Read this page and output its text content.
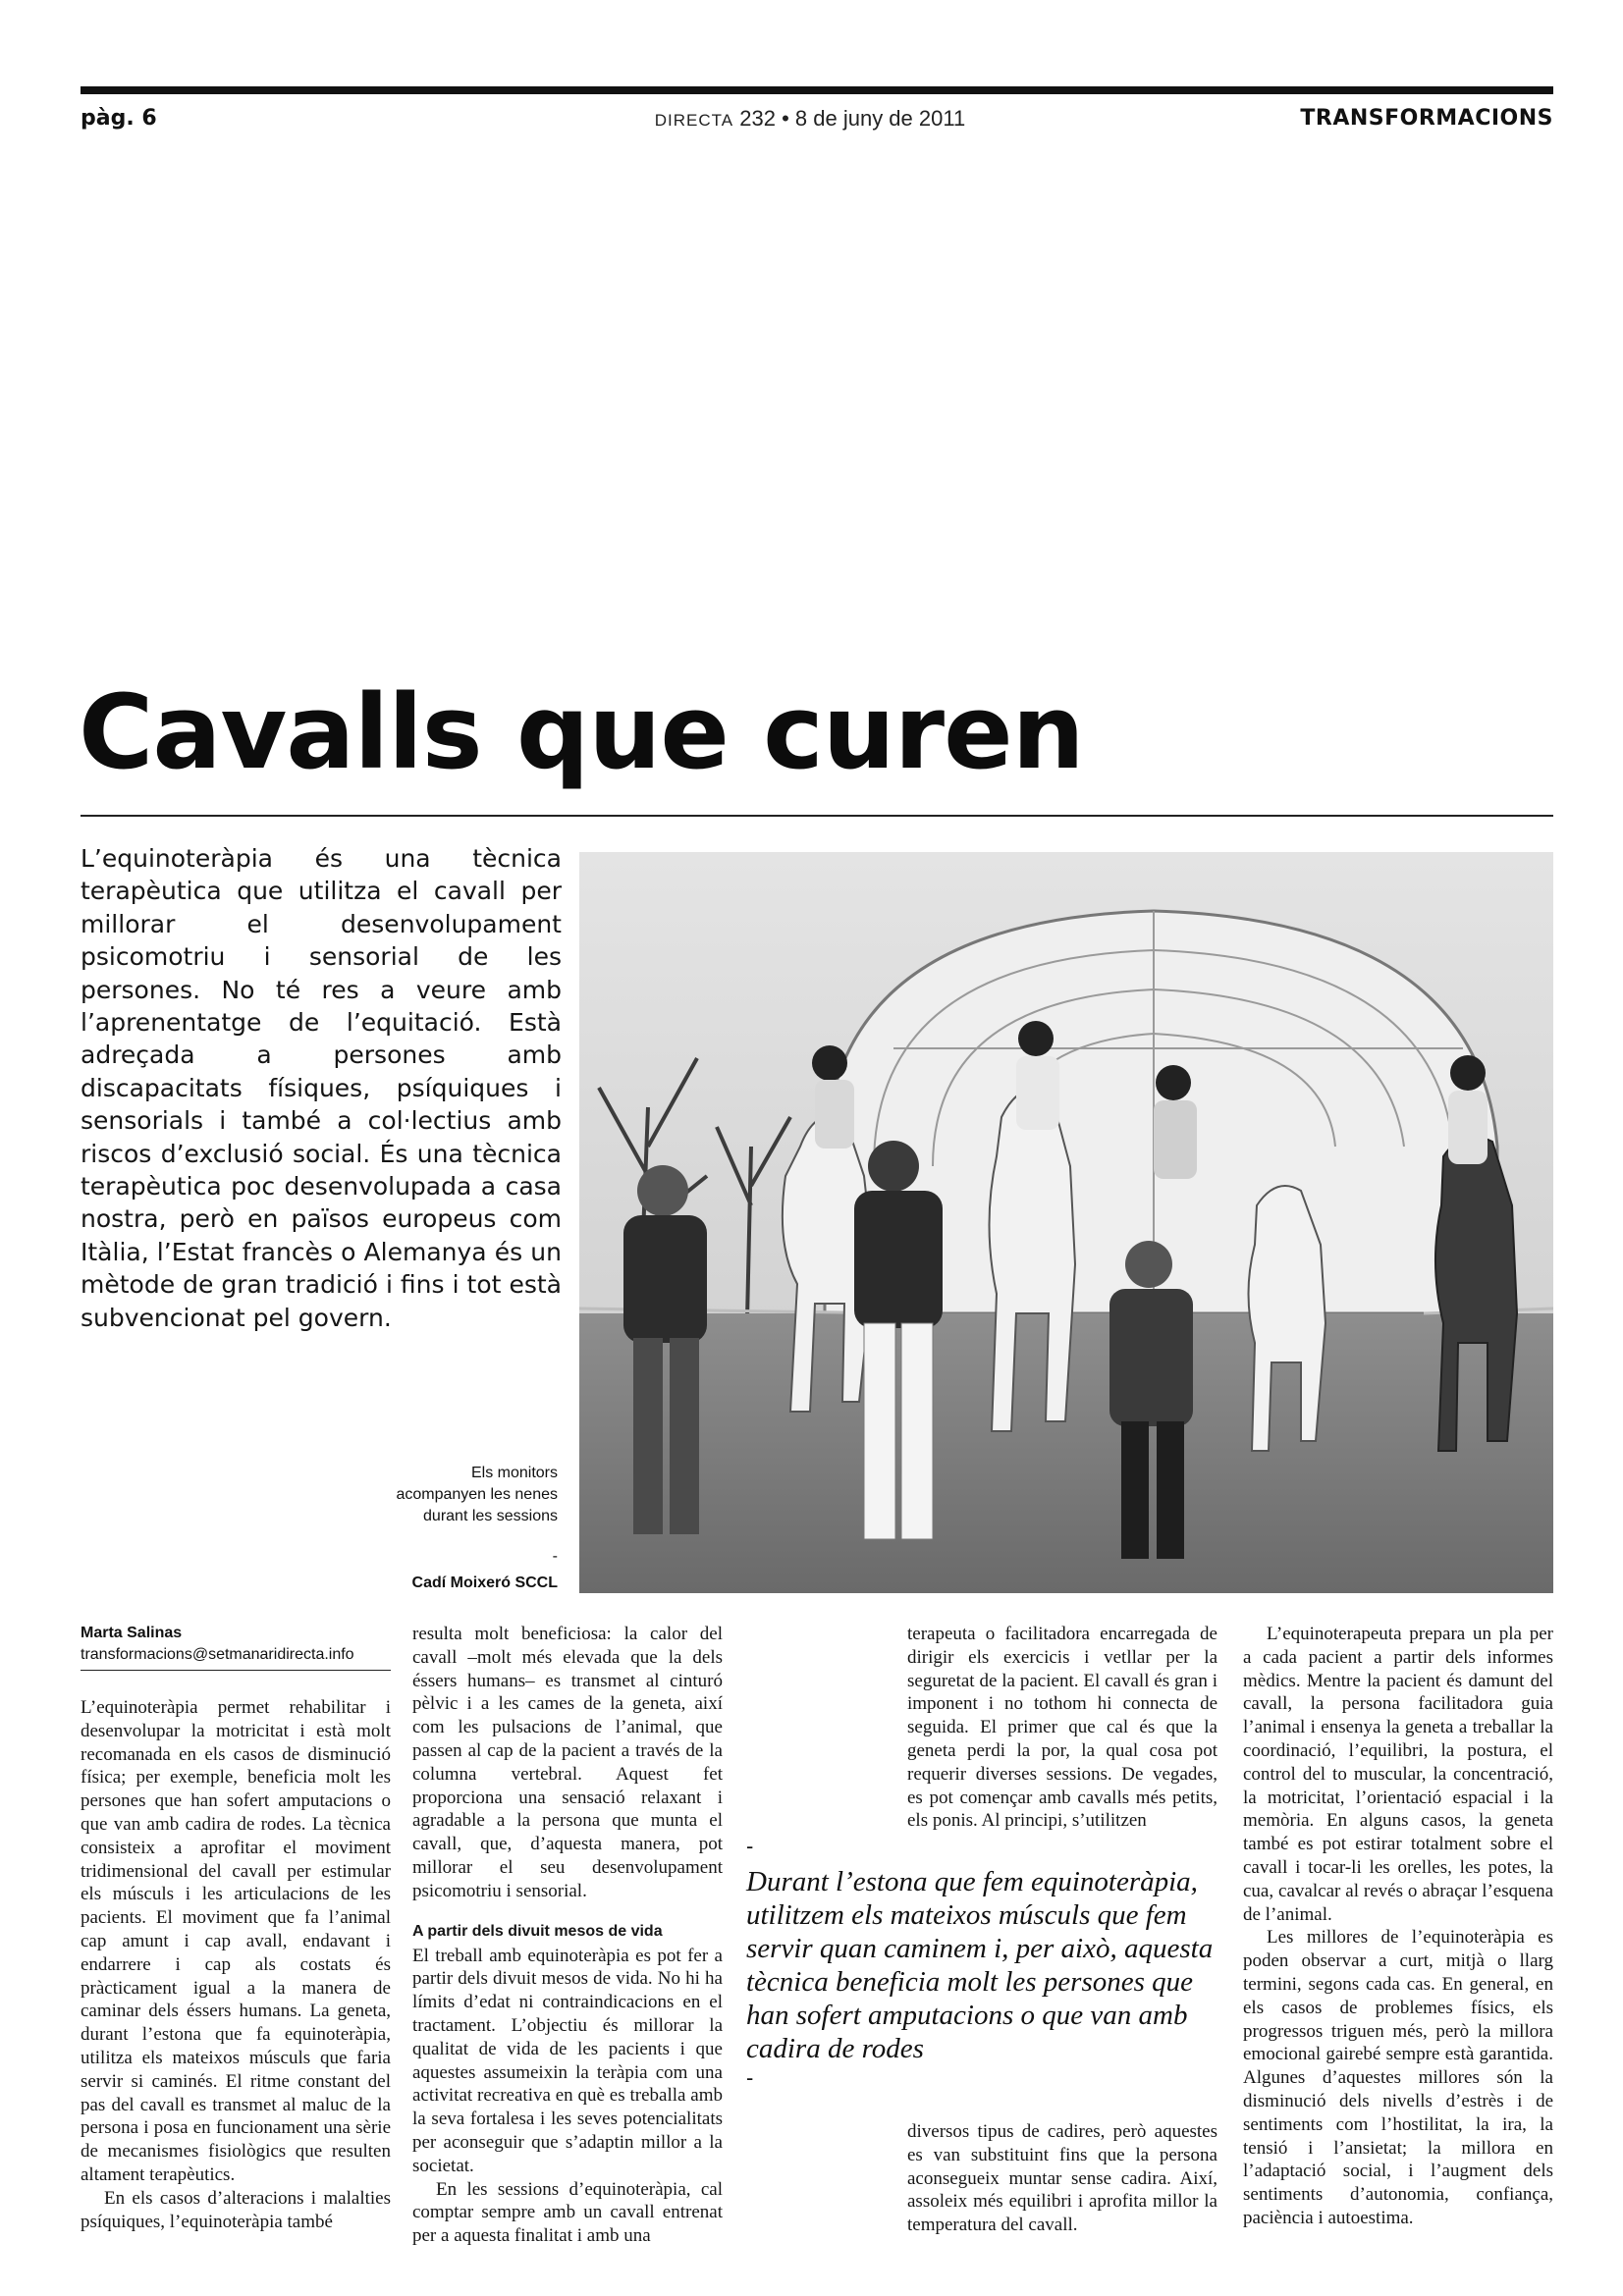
pàg. 6	DIRECTA 232 • 8 de juny de 2011	TRANSFORMACIONS
Cavalls que curen

L’equinoteràpia és una tècnica terapèutica que utilitza el cavall per millorar el desenvolupament psicomotriu i sensorial de les persones. No té res a veure amb l’aprenentatge de l’equitació. Està adreçada a persones amb discapacitats físiques, psíquiques i sensorials i també a col·lectius amb riscos d’exclusió social. És una tècnica terapèutica poc desenvolupada a casa nostra, però en països europeus com Itàlia, l’Estat francès o Alemanya és un mètode de gran tradició i fins i tot està subvencionat pel govern.

Els monitors acompanyen les nenes durant les sessions

-
Cadí Moixeró SCCL
Marta Salinas
transformacions@setmanaridirecta.info

L’equinoteràpia permet rehabilitar i desenvolupar la motricitat i està molt recomanada en els casos de disminució física; per exemple, beneficia molt les persones que han sofert amputacions o que van amb cadira de rodes. La tècnica consisteix a aprofitar el moviment tridimensional del cavall per estimular els músculs i les articulacions de les pacients. El moviment que fa l’animal cap amunt i cap avall, endavant i endarrere i cap als costats és pràcticament igual a la manera de caminar dels éssers humans. La geneta, durant l’estona que fa equinoteràpia, utilitza els mateixos músculs que faria servir si caminés. El ritme constant del pas del cavall es transmet al maluc de la persona i posa en funcionament una sèrie de mecanismes fisiològics que resulten altament terapèutics.

En els casos d’alteracions i malalties psíquiques, l’equinoteràpia també

resulta molt beneficiosa: la calor del cavall –molt més elevada que la dels éssers humans– es transmet al cinturó pèlvic i a les cames de la geneta, així com les pulsacions de l’animal, que passen al cap de la pacient a través de la columna vertebral. Aquest fet proporciona una sensació relaxant i agradable a la persona que munta el cavall, que, d’aquesta manera, pot millorar el seu desenvolupament psicomotriu i sensorial.

A partir dels divuit mesos de vida

El treball amb equinoteràpia es pot fer a partir dels divuit mesos de vida. No hi ha límits d’edat ni contraindicacions en el tractament. L’objectiu és millorar la qualitat de vida de les pacients i que aquestes assumeixin la teràpia com una activitat recreativa en què es treballa amb la seva fortalesa i les seves potencialitats per aconseguir que s’adaptin millor a la societat.

En les sessions d’equinoteràpia, cal comptar sempre amb un cavall entrenat per a aquesta finalitat i amb una

terapeuta o facilitadora encarregada de dirigir els exercicis i vetllar per la seguretat de la pacient. El cavall és gran i imponent i no tothom hi connecta de seguida. El primer que cal és que la geneta perdi la por, la qual cosa pot requerir diverses sessions. De vegades, es pot començar amb cavalls més petits, els ponis. Al principi, s’utilitzen

-

Durant l’estona que fem equinoteràpia, utilitzem els mateixos músculs que fem servir quan caminem i, per això, aquesta tècnica beneficia molt les persones que han sofert amputacions o que van amb cadira de rodes

-

diversos tipus de cadires, però aquestes es van substituint fins que la persona aconsegueix muntar sense cadira. Així, assoleix més equilibri i aprofita millor la temperatura del cavall.

L’equinoterapeuta prepara un pla per a cada pacient a partir dels informes mèdics. Mentre la pacient és damunt del cavall, la persona facilitadora guia l’animal i ensenya la geneta a treballar la coordinació, l’equilibri, la postura, el control del to muscular, la concentració, la motricitat, l’orientació espacial i la memòria. En alguns casos, la geneta també es pot estirar totalment sobre el cavall i tocar-li les orelles, les potes, la cua, cavalcar al revés o abraçar l’esquena de l’animal.

Les millores de l’equinoteràpia es poden observar a curt, mitjà o llarg termini, segons cada cas. En general, en els casos de problemes físics, els progressos triguen més, però la millora emocional gairebé sempre està garantida. Algunes d’aquestes millores són la disminució dels nivells d’estrès i de sentiments com l’hostilitat, la ira, la tensió i l’ansietat; la millora en l’adaptació social, i l’augment dels sentiments d’autonomia, confiança, paciència i autoestima.
